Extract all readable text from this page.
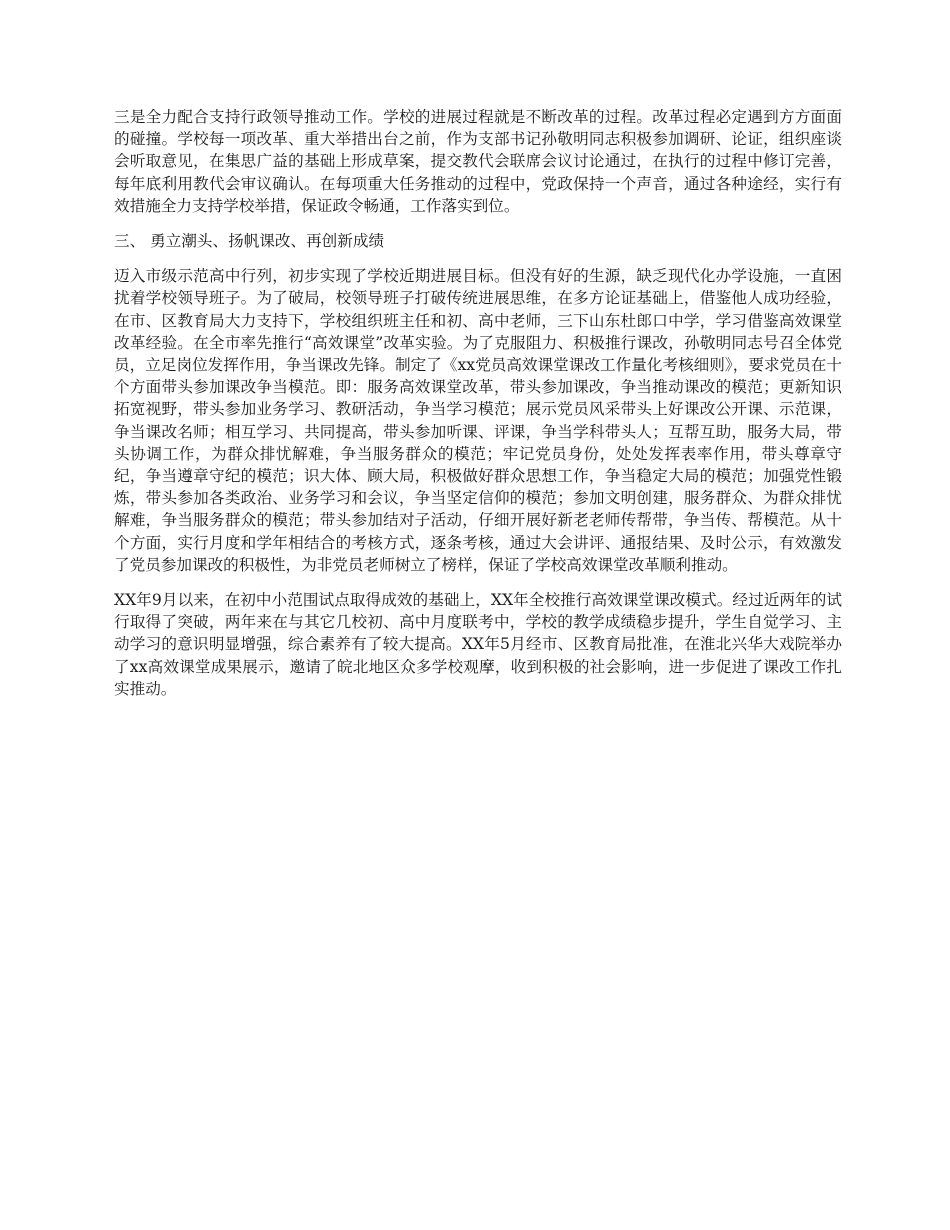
三是全力配合支持行政领导推动工作。学校的进展过程就是不断改革的过程。改革过程必定遇到方方面面的碰撞。学校每一项改革、重大举措出台之前，作为支部书记孙敬明同志积极参加调研、论证，组织座谈会听取意见，在集思广益的基础上形成草案，提交教代会联席会议讨论通过，在执行的过程中修订完善，每年底利用教代会审议确认。在每项重大任务推动的过程中，党政保持一个声音，通过各种途经，实行有效措施全力支持学校举措，保证政令畅通，工作落实到位。

三、 勇立潮头、扬帆课改、再创新成绩

迈入市级示范高中行列，初步实现了学校近期进展目标。但没有好的生源，缺乏现代化办学设施，一直困扰着学校领导班子。为了破局，校领导班子打破传统进展思维，在多方论证基础上，借鉴他人成功经验，在市、区教育局大力支持下，学校组织班主任和初、高中老师，三下山东杜郎口中学，学习借鉴高效课堂改革经验。在全市率先推行“高效课堂”改革实验。为了克服阻力、积极推行课改，孙敬明同志号召全体党员，立足岗位发挥作用，争当课改先锋。制定了《xx党员高效课堂课改工作量化考核细则》，要求党员在十个方面带头参加课改争当模范。即：服务高效课堂改革，带头参加课改，争当推动课改的模范；更新知识拓宽视野，带头参加业务学习、教研活动，争当学习模范；展示党员风采带头上好课改公开课、示范课，争当课改名师；相互学习、共同提高，带头参加听课、评课，争当学科带头人；互帮互助，服务大局，带头协调工作，为群众排忧解难，争当服务群众的模范；牢记党员身份，处处发挥表率作用，带头尊章守纪，争当遵章守纪的模范；识大体、顾大局，积极做好群众思想工作，争当稳定大局的模范；加强党性锻炼，带头参加各类政治、业务学习和会议，争当坚定信仰的模范；参加文明创建，服务群众、为群众排忧解难，争当服务群众的模范；带头参加结对子活动，仔细开展好新老老师传帮带，争当传、帮模范。从十个方面，实行月度和学年相结合的考核方式，逐条考核，通过大会讲评、通报结果、及时公示，有效激发了党员参加课改的积极性，为非党员老师树立了榜样，保证了学校高效课堂改革顺利推动。

XX年9月以来，在初中小范围试点取得成效的基础上，XX年全校推行高效课堂课改模式。经过近两年的试行取得了突破，两年来在与其它几校初、高中月度联考中，学校的教学成绩稳步提升，学生自觉学习、主动学习的意识明显增强，综合素养有了较大提高。XX年5月经市、区教育局批准，在淮北兴华大戏院举办了xx高效课堂成果展示，邀请了皖北地区众多学校观摩，收到积极的社会影响，进一步促进了课改工作扎实推动。
